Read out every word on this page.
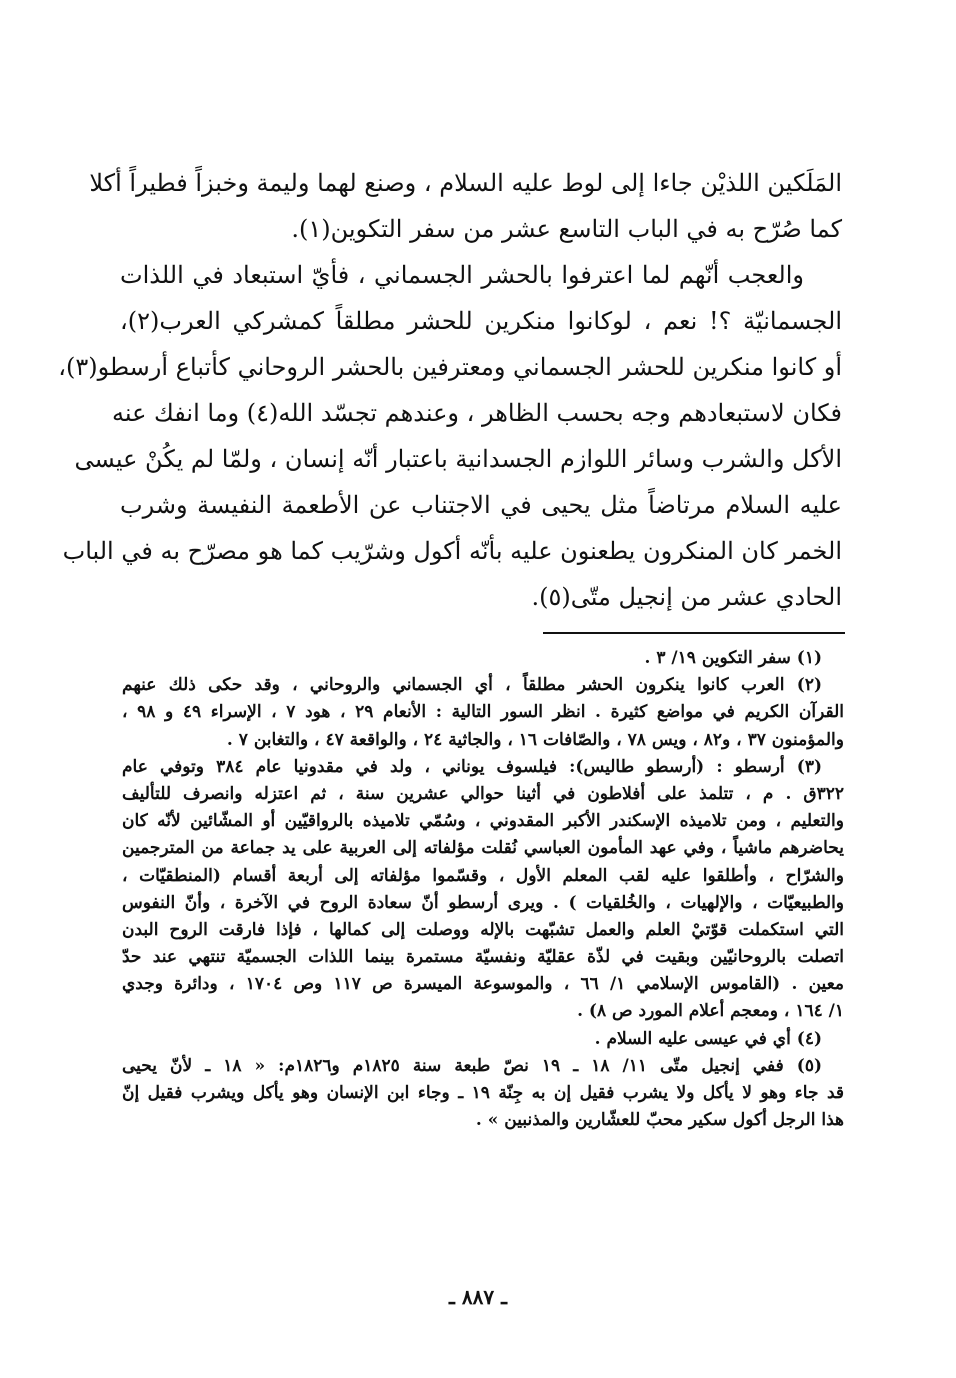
المَلَكين اللذيْن جاءا إلى لوط عليه السلام ، وصنع لهما وليمة وخبزاً فطيراً أكلا
كما صُرّح به في الباب التاسع عشر من سفر التكوين(١).
والعجب أنّهم لما اعترفوا بالحشر الجسماني ، فأيّ استبعاد في اللذات
الجسمانيّة ؟! نعم ، لوكانوا منكرين للحشر مطلقاً كمشركي العرب(٢)،
أو كانوا منكرين للحشر الجسماني ومعترفين بالحشر الروحاني كأتباع أرسطو(٣)،
فكان لاستبعادهم وجه بحسب الظاهر ، وعندهم تجسّد الله(٤) وما انفك عنه
الأكل والشرب وسائر اللوازم الجسدانية باعتبار أنّه إنسان ، ولمّا لم يكُنْ عيسى
عليه السلام مرتاضاً مثل يحيى في الاجتناب عن الأطعمة النفيسة وشرب
الخمر كان المنكرون يطعنون عليه بأنّه أكول وشرّيب كما هو مصرّح به في الباب
الحادي عشر من إنجيل متّى(٥).
(١) سفر التكوين ١٩/ ٣ .
(٢) العرب كانوا ينكرون الحشر مطلقاً ، أي الجسماني والروحاني ، وقد حكى ذلك عنهم
القرآن الكريم في مواضع كثيرة . انظر السور التالية : الأنعام ٢٩ ، هود ٧ ، الإسراء ٤٩ و ٩٨ ،
والمؤمنون ٣٧ ، و٨٢ ، ويس ٧٨ ، والصّافات ١٦ ، والجاثية ٢٤ ، والواقعة ٤٧ ، والتغابن ٧ .
(٣) أرسطو : (أرسطو طاليس): فيلسوف يوناني ، ولد في مقدونيا عام ٣٨٤ وتوفي عام
٣٢٢ق . م ، تتلمذ على أفلاطون في أثينا حوالي عشرين سنة ، ثم اعتزله وانصرف للتأليف
والتعليم ، ومن تلاميذه الإسكندر الأكبر المقدوني ، وسُمّي تلاميذه بالرواقيّين أو المشّائين لأنّه كان
يحاضرهم ماشياً ، وفي عهد المأمون العباسي نُقلت مؤلفاته إلى العربية على يد جماعة من المترجمين
والشرّاح ، وأطلقوا عليه لقب المعلم الأول ، وقسّموا مؤلفاته إلى أربعة أقسام (المنطقيّات ،
والطبيعيّات ، والإلهيات ، والخُلقيات ) . ويرى أرسطو أنّ سعادة الروح في الآخرة ، وأنّ النفوس
التي استكملت قوّتيْ العلم والعمل تشبّهت بالإله ووصلت إلى كمالها ، فإذا فارقت الروح البدن
اتصلت بالروحانيّين وبقيت في لذّة عقليّة ونفسيّة مستمرة بينما اللذات الجسميّة تنتهي عند حدّ
معين . (القاموس الإسلامي ١/ ٦٦ ، والموسوعة الميسرة ص ١١٧ وص ١٧٠٤ ، ودائرة وجدي
١/ ١٦٤ ، ومعجم أعلام المورد ص ٨) .
(٤) أي في عيسى عليه السلام .
(٥) ففي إنجيل متّى ١١/ ١٨ ـ ١٩ نصّ طبعة سنة ١٨٢٥م و١٨٢٦م: « ١٨ ـ لأنّ يحيى
قد جاء وهو لا يأكل ولا يشرب فقيل إن به جِنّة ١٩ ـ وجاء ابن الإنسان وهو يأكل ويشرب فقيل إنّ
هذا الرجل أكول سكير محبّ للعشّارين والمذنبين » .
ـ ٨٨٧ ـ
